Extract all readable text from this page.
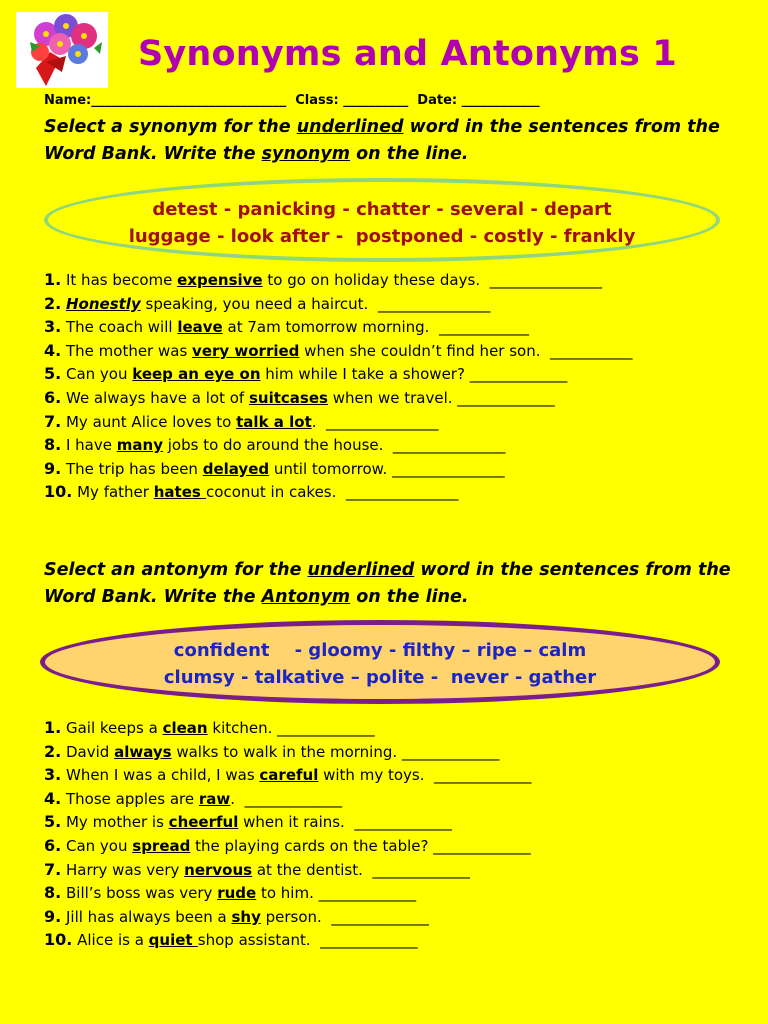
Synonyms and Antonyms 1
Name:______________________________  Class: __________  Date: ____________
Select a synonym for the underlined word in the sentences from the Word Bank. Write the synonym on the line.
detest - panicking - chatter - several - depart
luggage - look after -  postponed - costly - frankly
1. It has become expensive to go on holiday these days.  _______________
2. Honestly speaking, you need a haircut.  _______________
3. The coach will leave at 7am tomorrow morning.  ____________
4. The mother was very worried when she couldn’t find her son.  ___________
5. Can you keep an eye on him while I take a shower? _____________
6. We always have a lot of suitcases when we travel. _____________
7. My aunt Alice loves to talk a lot.  _______________
8. I have many jobs to do around the house.  _______________
9. The trip has been delayed until tomorrow. _______________
10. My father hates coconut in cakes.  _______________
Select an antonym for the underlined word in the sentences from the Word Bank. Write the Antonym on the line.
confident    - gloomy - filthy – ripe – calm
clumsy - talkative – polite -  never - gather
1. Gail keeps a clean kitchen. _____________
2. David always walks to walk in the morning. _____________
3. When I was a child, I was careful with my toys.  _____________
4. Those apples are raw.  _____________
5. My mother is cheerful when it rains.  _____________
6. Can you spread the playing cards on the table? _____________
7. Harry was very nervous at the dentist.  _____________
8. Bill’s boss was very rude to him. _____________
9. Jill has always been a shy person.  _____________
10. Alice is a quiet shop assistant.  _____________
